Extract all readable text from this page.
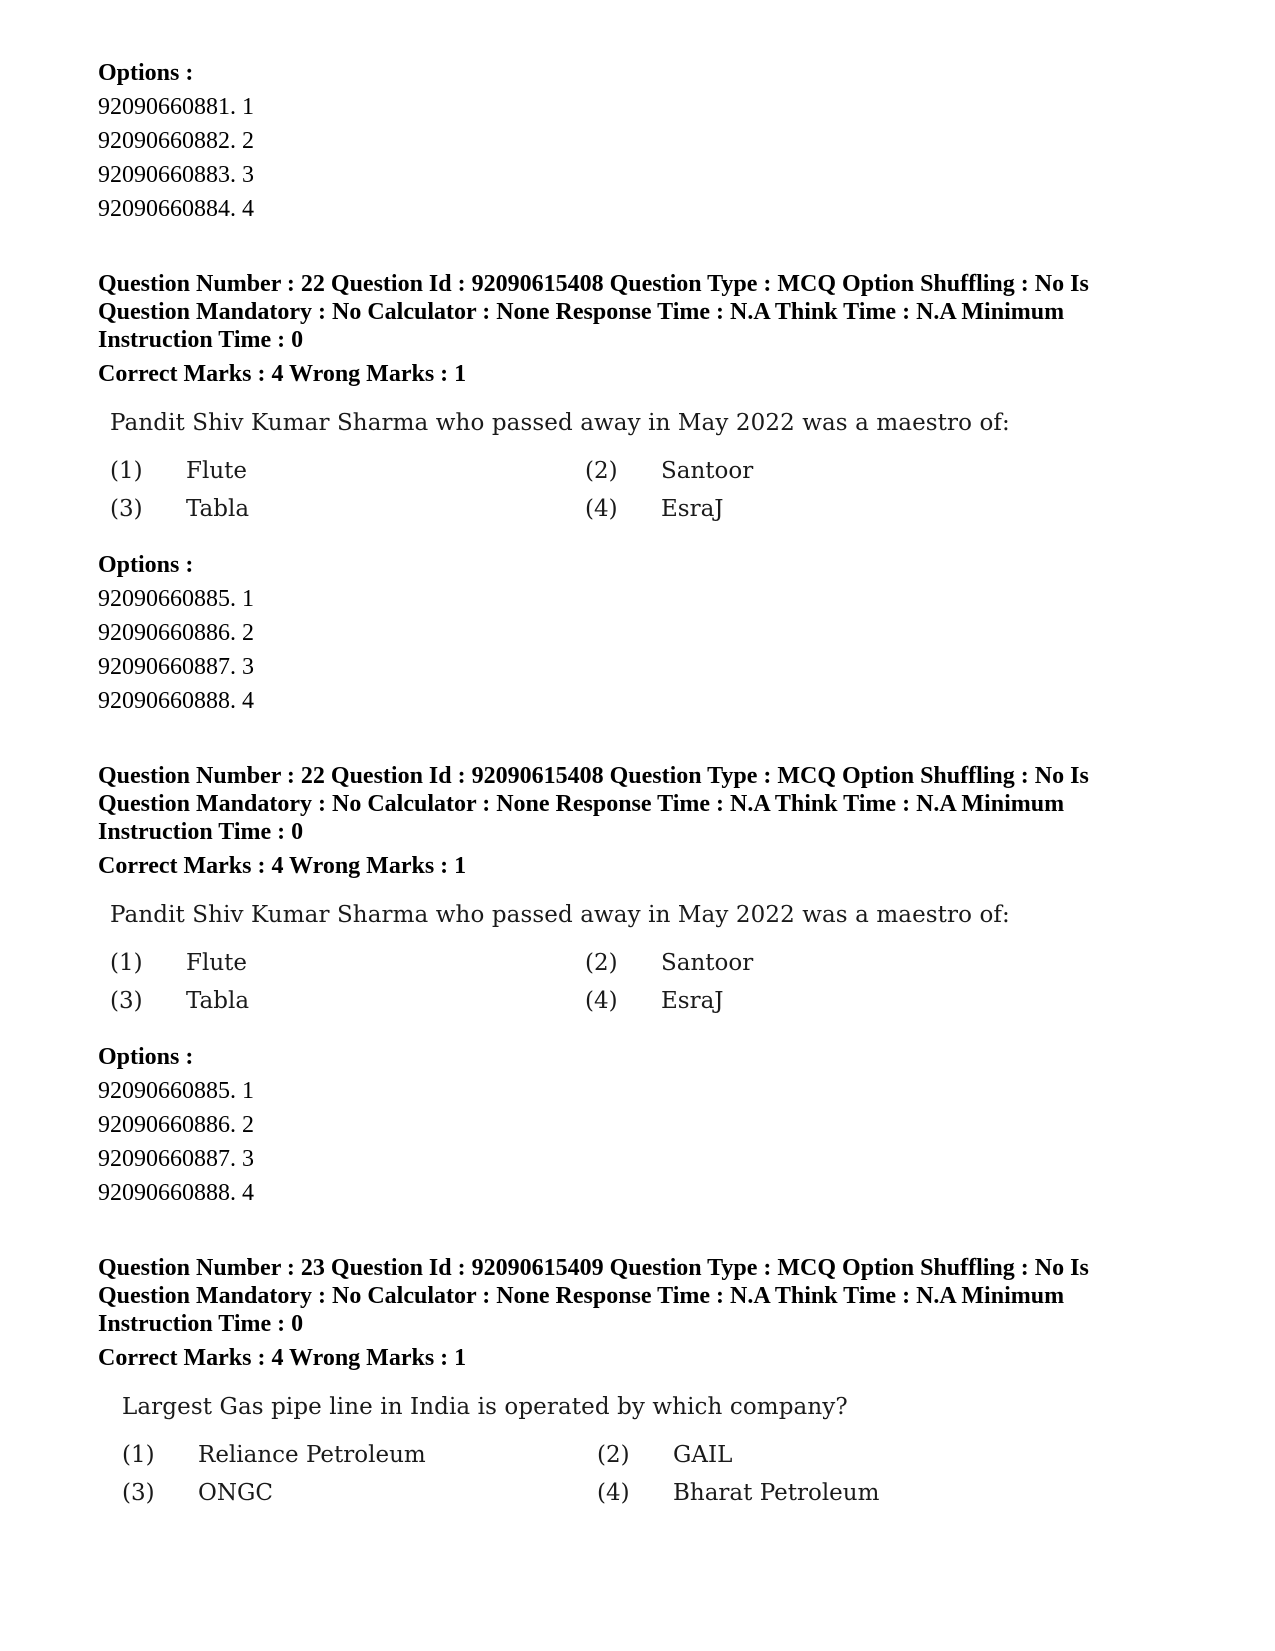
Options :

92090660881. 1

92090660882. 2

92090660883. 3

92090660884. 4

Question Number : 22 Question Id : 92090615408 Question Type : MCQ Option Shuffling : No Is Question Mandatory : No Calculator : None Response Time : N.A Think Time : N.A Minimum Instruction Time : 0

Correct Marks : 4 Wrong Marks : 1

Pandit Shiv Kumar Sharma who passed away in May 2022 was a maestro of:
(1)	Flute	(2)	Santoor
(3)	Tabla	(4)	EsraJ

Options :

92090660885. 1

92090660886. 2

92090660887. 3

92090660888. 4

Question Number : 22 Question Id : 92090615408 Question Type : MCQ Option Shuffling : No Is Question Mandatory : No Calculator : None Response Time : N.A Think Time : N.A Minimum Instruction Time : 0

Correct Marks : 4 Wrong Marks : 1

Pandit Shiv Kumar Sharma who passed away in May 2022 was a maestro of:
(1)	Flute	(2)	Santoor
(3)	Tabla	(4)	EsraJ

Options :

92090660885. 1

92090660886. 2

92090660887. 3

92090660888. 4

Question Number : 23 Question Id : 92090615409 Question Type : MCQ Option Shuffling : No Is Question Mandatory : No Calculator : None Response Time : N.A Think Time : N.A Minimum Instruction Time : 0

Correct Marks : 4 Wrong Marks : 1

Largest Gas pipe line in India is operated by which company?
(1)	Reliance Petroleum	(2)	GAIL
(3)	ONGC	(4)	Bharat Petroleum
